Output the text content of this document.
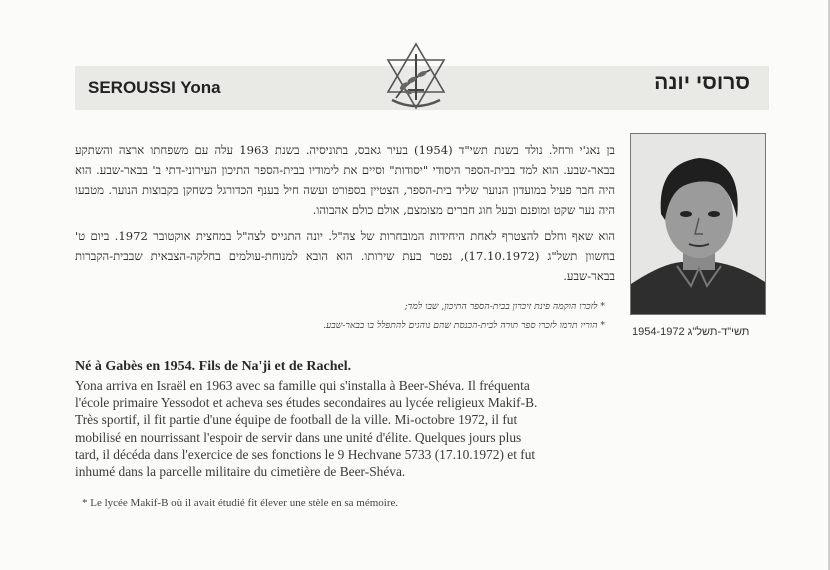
SEROUSSI Yona	סרוסי יונה

בן נאג'י ורחל. נולד בשנת תשי"ד (1954) בעיר גאבס, בתוניסיה. בשנת 1963 עלה עם משפחתו ארצה והשתקע בבאר-שבע. הוא למד בבית-הספר היסודי "יסודות" וסיים את לימודיו בבית-הספר התיכון העירוני-דתי ב' בבאר-שבע. הוא היה חבר פעיל במועדון הנוער שליד בית-הספר, הצטיין בספורט ועשה חיל בענף הכדורגל כשחקן בקבוצות הנוער. מטבעו היה נער שקט ומופנם ובעל חוג חברים מצומצם, אולם כולם אהבוהו.

הוא שאף וחלם להצטרף לאחת היחידות המובחרות של צה"ל. יונה התגייס לצה"ל במחצית אוקטובר 1972. ביום ט' בחשוון תשל"ג (17.10.1972), נפטר בעת שירותו. הוא הובא למנוחת-עולמים בחלקה-הצבאית שבבית-הקברות בבאר-שבע.

* לזכרו הוקמה פינת זיכרון בבית-הספר התיכון, שבו למד;
* הוריו תרמו לזכרו ספר תורה לבית-הכנסת שהם נוהגים להתפלל בו בבאר-שבע.
תשי"ד-תשל"ג 1954-1972
Né à Gabès en 1954. Fils de Na'ji et de Rachel.
Yona arriva en Israël en 1963 avec sa famille qui s'installa à Beer-Shéva. Il fréquenta
l'école primaire Yessodot et acheva ses études secondaires au lycée religieux Makif-B.
Très sportif, il fit partie d'une équipe de football de la ville. Mi-octobre 1972, il fut
mobilisé en nourrissant l'espoir de servir dans une unité d'élite. Quelques jours plus
tard, il décéda dans l'exercice de ses fonctions le 9 Hechvane 5733 (17.10.1972) et fut
inhumé dans la parcelle militaire du cimetière de Beer-Shéva.
* Le lycée Makif-B où il avait étudié fit élever une stèle en sa mémoire.
